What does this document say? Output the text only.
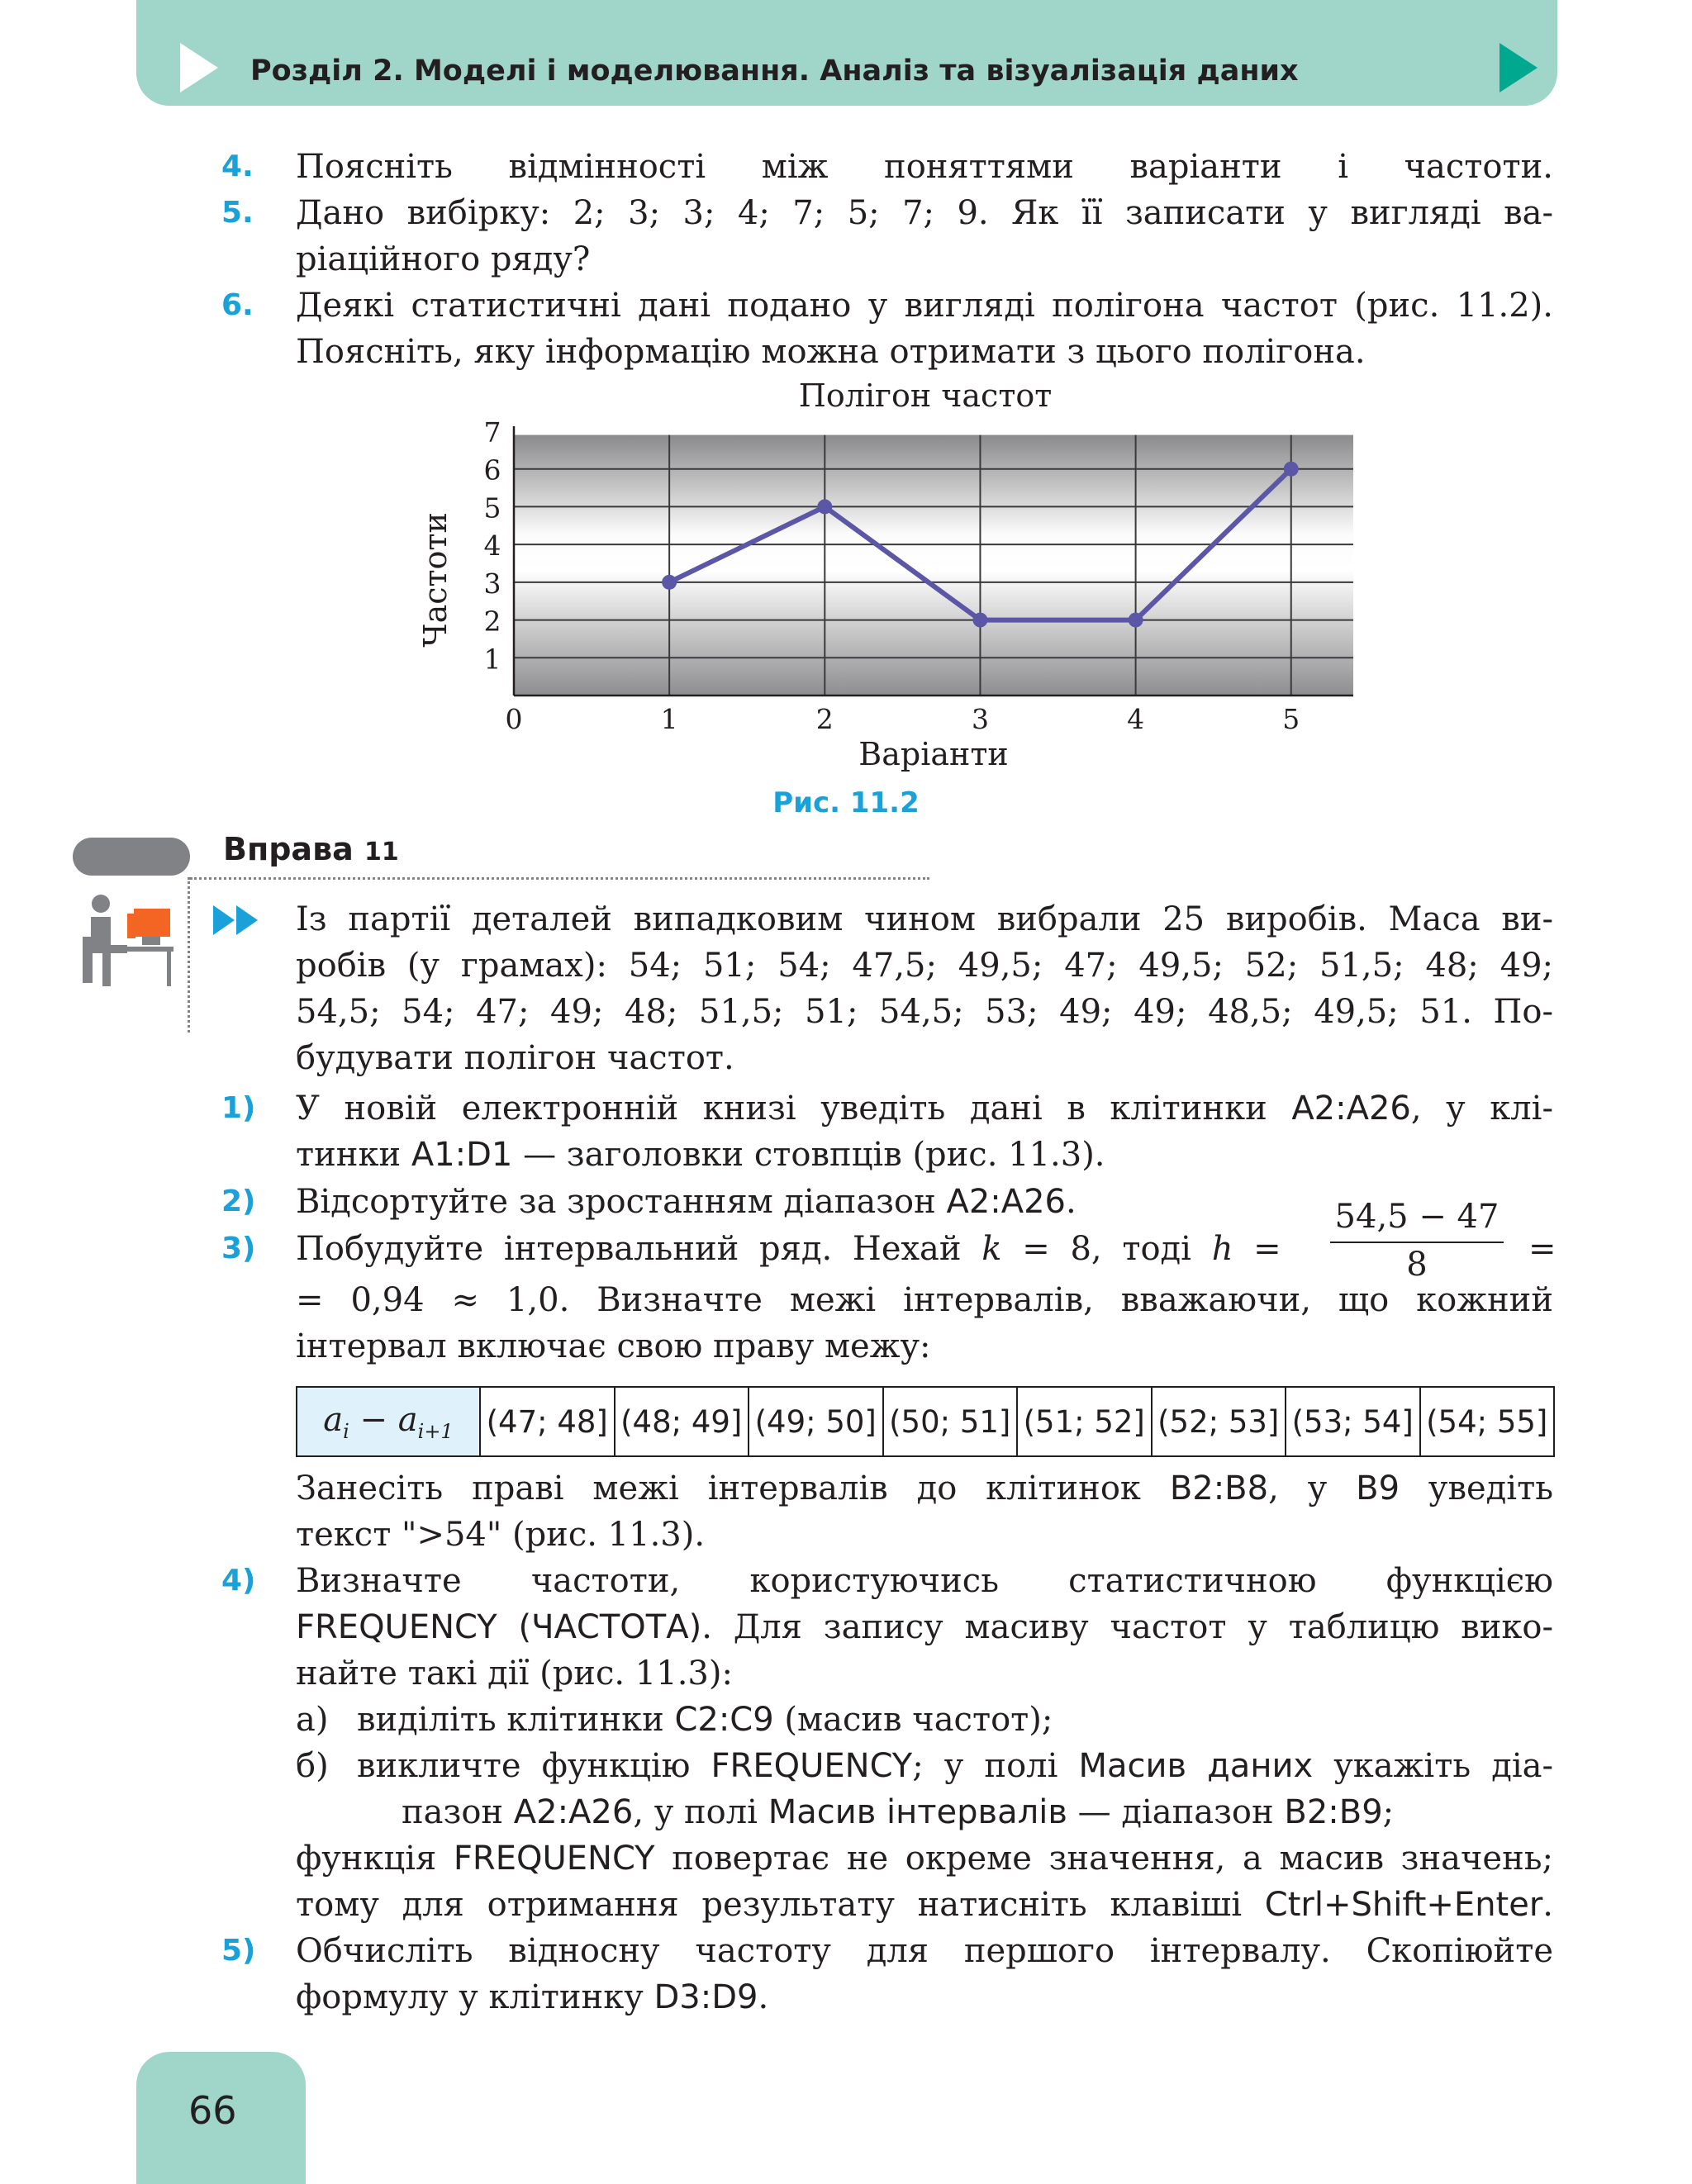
Розділ 2. Моделі і моделювання. Аналіз та візуалізація даних
4. Поясніть відмінності між поняттями варіанти і частоти.
5. Дано вибірку: 2; 3; 3; 4; 7; 5; 7; 9. Як її записати у вигляді ва-
ріаційного ряду?
6. Деякі статистичні дані подано у вигляді полігона частот (рис. 11.2).
Поясніть, яку інформацію можна отримати з цього полігона.
Полігон частот
1
2
3
4
5
6
7
0	1	2	3	4	5
Варіанти
Частоти
Рис. 11.2
Вправа 11
Із партії деталей випадковим чином вибрали 25 виробів. Маса ви-
робів (у грамах): 54; 51; 54; 47,5; 49,5; 47; 49,5; 52; 51,5; 48; 49;
54,5; 54; 47; 49; 48; 51,5; 51; 54,5; 53; 49; 49; 48,5; 49,5; 51. По-
будувати полігон частот.
1) У новій електронній книзі уведіть дані в клітинки A2:A26, у клі-
тинки A1:D1 — заголовки стовпців (рис. 11.3).
2) Відсортуйте за зростанням діапазон A2:A26.
3) Побудуйте інтервальний ряд. Нехай k = 8, тоді h =
54,5 − 47
8	=
= 0,94 ≈ 1,0. Визначте межі інтервалів, вважаючи, що кожний
інтервал включає свою праву межу:
$a_i - a_{i+1}$	(47; 48]	(48; 49]	(49; 50]	(50; 51]	(51; 52]	(52; 53]	(53; 54]	(54; 55]
Занесіть праві межі інтервалів до клітинок B2:B8, у B9 уведіть
текст ">54" (рис. 11.3).
4) Визначте частоти, користуючись статистичною функцією
FREQUENCY (ЧАСТОТА). Для запису масиву частот у таблицю вико-
найте такі дії (рис. 11.3):
а) виділіть клітинки C2:C9 (масив частот);
б) викличте функцію FREQUENCY; у полі Масив даних укажіть діа-
пазон A2:A26, у полі Масив інтервалів — діапазон B2:B9;
функція FREQUENCY повертає не окреме значення, а масив значень;
тому для отримання результату натисніть клавіші Ctrl+Shift+Enter.
5) Обчисліть відносну частоту для першого інтервалу. Скопіюйте
формулу у клітинку D3:D9.
66
